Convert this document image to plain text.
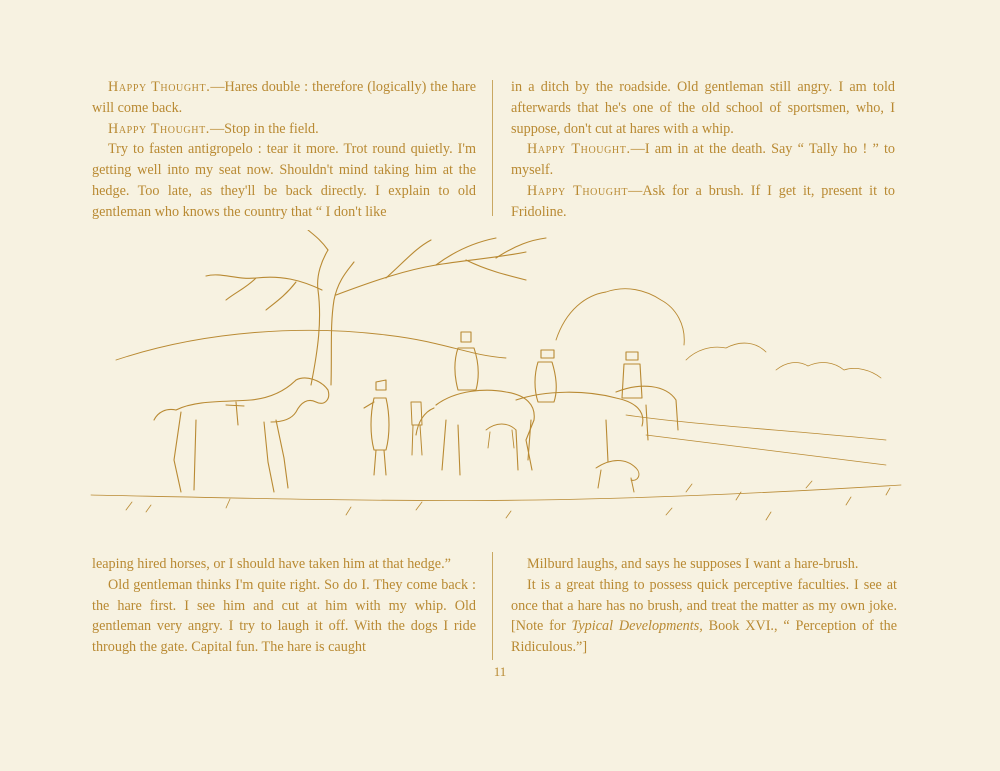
Happy Thought.—Hares double : therefore (logically) the hare will come back.

Happy Thought.—Stop in the field.

Try to fasten antigropelo : tear it more. Trot round quietly. I'm getting well into my seat now. Shouldn't mind taking him at the hedge. Too late, as they'll be back directly. I explain to old gentleman who knows the country that “ I don't like

in a ditch by the roadside. Old gentleman still angry. I am told afterwards that he's one of the old school of sportsmen, who, I suppose, don't cut at hares with a whip.

Happy Thought.—I am in at the death. Say “ Tally ho ! ” to myself.

Happy Thought—Ask for a brush. If I get it, present it to Fridoline.

leaping hired horses, or I should have taken him at that hedge.”

Old gentleman thinks I'm quite right. So do I. They come back : the hare first. I see him and cut at him with my whip. Old gentleman very angry. I try to laugh it off. With the dogs I ride through the gate. Capital fun. The hare is caught

Milburd laughs, and says he supposes I want a hare-brush.

It is a great thing to possess quick perceptive faculties. I see at once that a hare has no brush, and treat the matter as my own joke. [Note for Typical Developments, Book XVI., “ Perception of the Ridiculous.”]

11
